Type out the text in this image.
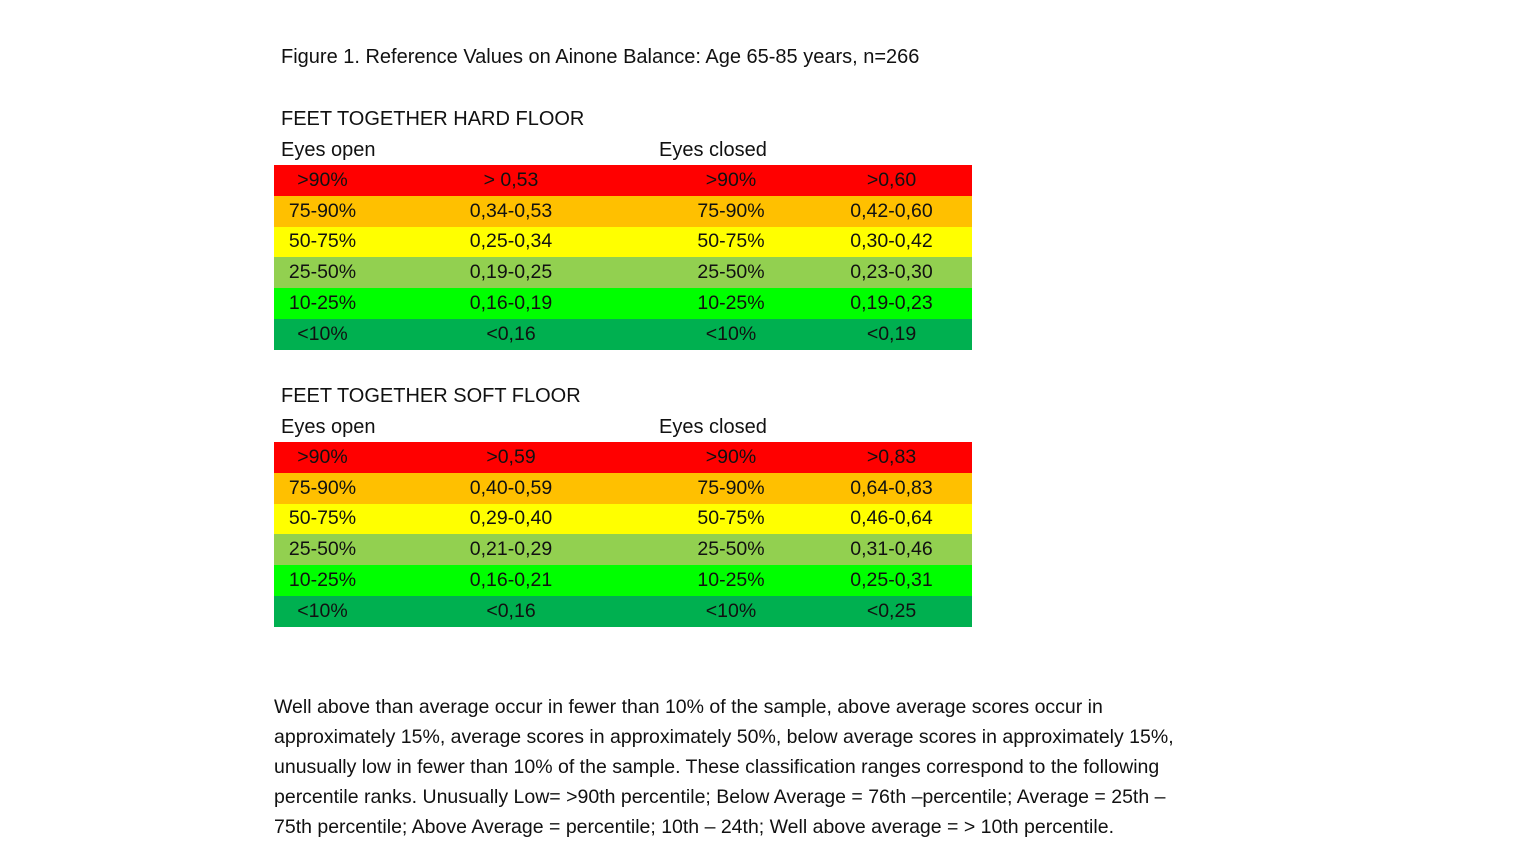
Figure 1. Reference Values on Ainone Balance: Age 65-85 years, n=266
FEET TOGETHER HARD FLOOR
Eyes open	Eyes closed
>90%	> 0,53	>90%	>0,60
75-90%	0,34-0,53	75-90%	0,42-0,60
50-75%	0,25-0,34	50-75%	0,30-0,42
25-50%	0,19-0,25	25-50%	0,23-0,30
10-25%	0,16-0,19	10-25%	0,19-0,23
<10%	<0,16	<10%	<0,19
FEET TOGETHER SOFT FLOOR
Eyes open	Eyes closed
>90%	>0,59	>90%	>0,83
75-90%	0,40-0,59	75-90%	0,64-0,83
50-75%	0,29-0,40	50-75%	0,46-0,64
25-50%	0,21-0,29	25-50%	0,31-0,46
10-25%	0,16-0,21	10-25%	0,25-0,31
<10%	<0,16	<10%	<0,25

Well above than average occur in fewer than 10% of the sample, above average scores occur in

approximately 15%, average scores in approximately 50%, below average scores in approximately 15%,

unusually low in fewer than 10% of the sample. These classification ranges correspond to the following

percentile ranks. Unusually Low= >90th percentile; Below Average = 76th –percentile; Average = 25th –

75th percentile; Above Average = percentile; 10th – 24th; Well above average = > 10th percentile.
